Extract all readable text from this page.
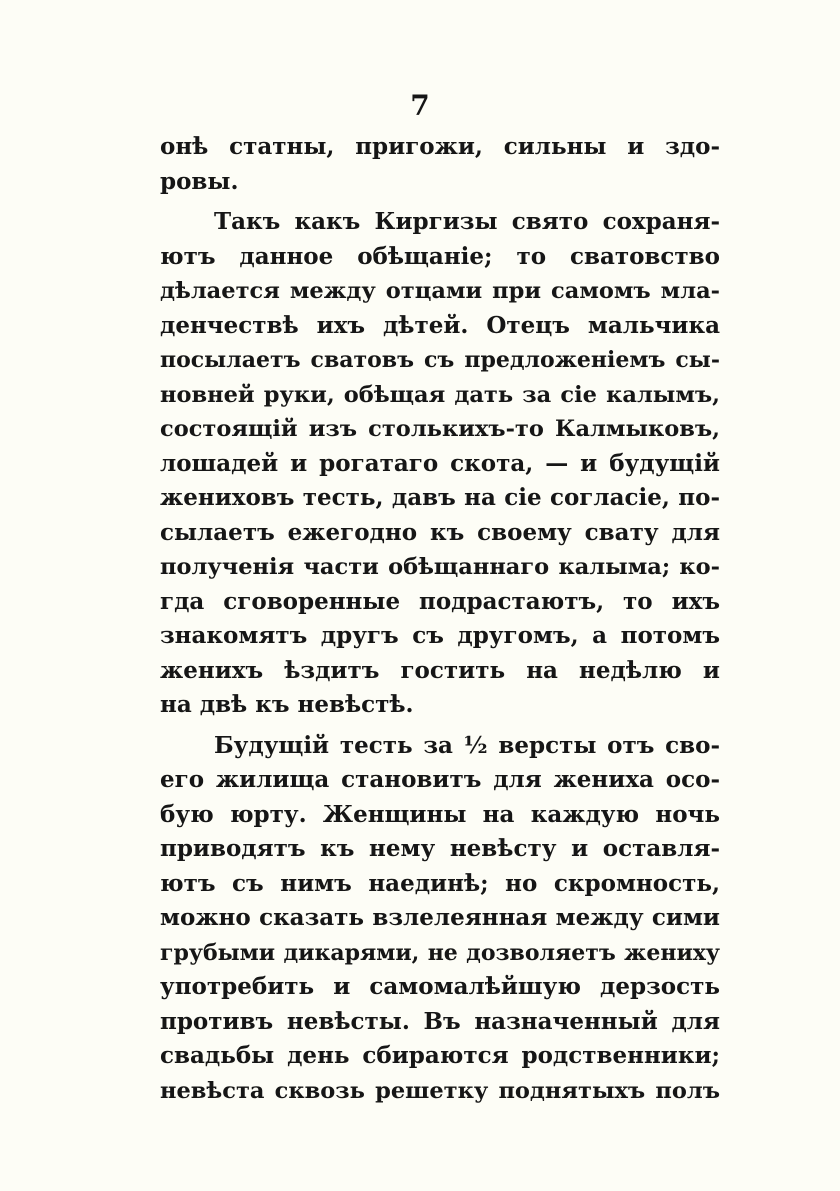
7
онѣ статны, пригожи, сильны и здо-
ровы.
Такъ какъ Киргизы свято сохраня-
ютъ данное обѣщаніе; то сватовство
дѣлается между отцами при самомъ мла-
денчествѣ ихъ дѣтей. Отецъ мальчика
посылаетъ сватовъ съ предложеніемъ сы-
новней руки, обѣщая дать за сіе калымъ,
состоящій изъ столькихъ-то Калмыковъ,
лошадей и рогатаго скота, — и будущій
жениховъ тесть, давъ на сіе согласіе, по-
сылаетъ ежегодно къ своему свату для
полученія части обѣщаннаго калыма; ко-
гда сговоренные подрастаютъ, то ихъ
знакомятъ другъ съ другомъ, а потомъ
женихъ ѣздитъ гостить на недѣлю и
на двѣ къ невѣстѣ.
Будущій тесть за ½ версты отъ сво-
его жилища становитъ для жениха осо-
бую юрту. Женщины на каждую ночь
приводятъ къ нему невѣсту и оставля-
ютъ съ нимъ наединѣ; но скромность,
можно сказать взлелеянная между сими
грубыми дикарями, не дозволяетъ жениху
употребить и самомалѣйшую дерзость
противъ невѣсты. Въ назначенный для
свадьбы день сбираются родственники;
невѣста сквозь решетку поднятыхъ полъ
